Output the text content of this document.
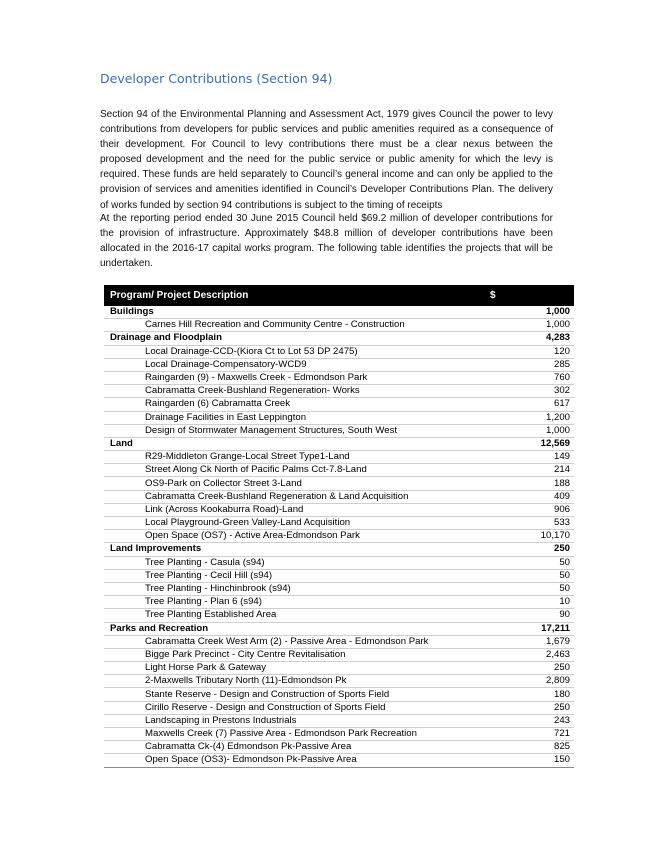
Developer Contributions (Section 94)

Section 94 of the Environmental Planning and Assessment Act, 1979 gives Council the power to levy contributions from developers for public services and public amenities required as a consequence of their development. For Council to levy contributions there must be a clear nexus between the proposed development and the need for the public service or public amenity for which the levy is required. These funds are held separately to Council’s general income and can only be applied to the provision of services and amenities identified in Council’s Developer Contributions Plan. The delivery of works funded by section 94 contributions is subject to the timing of receipts

At the reporting period ended 30 June 2015 Council held $69.2 million of developer contributions for the provision of infrastructure. Approximately $48.8 million of developer contributions have been allocated in the 2016-17 capital works program. The following table identifies the projects that will be undertaken.

Program/ Project Description	$
Buildings	1,000
Carnes Hill Recreation and Community Centre - Construction	1,000
Drainage and Floodplain	4,283
Local Drainage-CCD-(Kiora Ct to Lot 53 DP 2475)	120
Local Drainage-Compensatory-WCD9	285
Raingarden (9) - Maxwells Creek - Edmondson Park	760
Cabramatta Creek-Bushland Regeneration- Works	302
Raingarden (6) Cabramatta Creek	617
Drainage Facilities in East Leppington	1,200
Design of Stormwater Management Structures, South West	1,000
Land	12,569
R29-Middleton Grange-Local Street Type1-Land	149
Street Along Ck North of Pacific Palms Cct-7.8-Land	214
OS9-Park on Collector Street 3-Land	188
Cabramatta Creek-Bushland Regeneration & Land Acquisition	409
Link (Across Kookaburra Road)-Land	906
Local Playground-Green Valley-Land Acquisition	533
Open Space (OS7) - Active Area-Edmondson Park	10,170
Land Improvements	250
Tree Planting - Casula (s94)	50
Tree Planting - Cecil Hill (s94)	50
Tree Planting - Hinchinbrook (s94)	50
Tree Planting - Plan 6 (s94)	10
Tree Planting Established Area	90
Parks and Recreation	17,211
Cabramatta Creek West Arm (2) - Passive Area - Edmondson Park	1,679
Bigge Park Precinct - City Centre Revitalisation	2,463
Light Horse Park & Gateway	250
2-Maxwells Tributary North (11)-Edmondson Pk	2,809
Stante Reserve - Design and Construction of Sports Field	180
Cirillo Reserve - Design and Construction of Sports Field	250
Landscaping in Prestons Industrials	243
Maxwells Creek (7) Passive Area - Edmondson Park Recreation	721
Cabramatta Ck-(4) Edmondson Pk-Passive Area	825
Open Space (OS3)- Edmondson Pk-Passive Area	150
